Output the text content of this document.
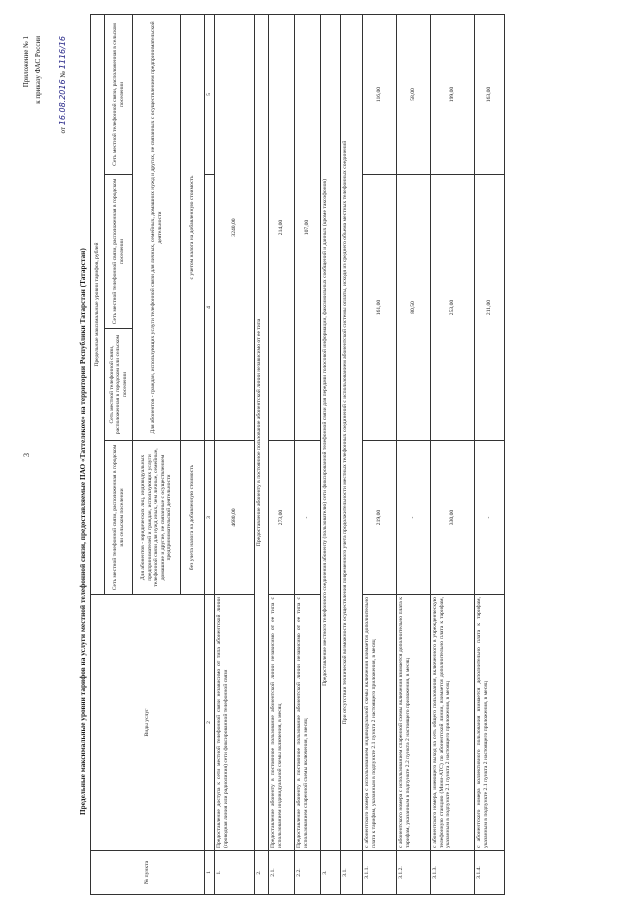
3
Приложение № 1 к приказу ФАС России
от 16.08.2016 № 1116/16
Предельные максимальные уровни тарифов на услуги местной телефонной связи, предоставляемые ПАО «Таттелеком» на территории Республики Татарстан (Татарстан)
№ пункта	Виды услуг	Предельные максимальные уровни тарифов, рублей			
		Сеть местной телефонной связи, расположенная в городском или сельском поселении	Сеть местной телефонной связи, расположенная в городском или сельском поселении	Сеть местной телефонной связи, расположенная в городском поселении	Сеть местной телефонной связи, расположенная в сельском поселении
		Для абонентов - юридических лиц, индивидуальных предпринимателей и граждан, использующих услуги телефонной связи для нужд иных, чем личные, семейные, домашние и другие, не связанные с осуществлением предпринимательской деятельности	Для абонентов - граждан, использующих услуги телефонной связи для личных, семейных, домашних нужд и других, не связанных с осуществлением предпринимательской деятельности		
		без учета налога на добавленную стоимость	с учетом налога на добавленную стоимость		
1	2	3	4		5
1.	Предоставление доступа к сети местной телефонной связи независимо от типа абонентской линии (проводная линия или радиолиния) сети фиксированной телефонной связи	4680,00	3240,00		
2.	Предоставление абоненту в постоянное пользование абонентской линии независимо от ее типа				
2.1.	Предоставление абоненту в постоянное пользование абонентской линии независимо от ее типа с использованием индивидуальной схемы включения, в месяц	273,00	214,00		
2.2.	Предоставление абоненту в постоянное пользование абонентской линии независимо от ее типа с использованием спаренной схемы включения, в месяц	-	107,00		
3.	Предоставление местного телефонного соединения абоненту (пользователю) сети фиксированной телефонной связи для передачи голосовой информации, факсимильных сообщений и данных (кроме таксофонов)				
3.1.	При отсутствии технической возможности осуществления повременного учета продолжительности местных телефонных соединений с использованием абонентской системы оплаты, исходя из среднего объема местных телефонных соединений				
3.1.1.	с абонентского номера с использованием индивидуальной схемы включения взимается дополнительно плата к тарифам, указанным в подпункте 2.1 пункта 2 настоящего приложения, в месяц	219,00	161,00		116,00
3.1.2.	с абонентского номера с использованием спаренной схемы включения взимается дополнительно плата к тарифам, указанным в подпункте 2.2 пункта 2 настоящего приложения, в месяц	-	80,50		58,00
3.1.3.	с абонентского номера, имеющего выход на сеть общего пользования, включенного в учрежденческую телефонную станцию (Мини-АТС) по абонентской линии, взимается дополнительно плата к тарифам, указанным в подпункте 2.1 пункта 2 настоящего приложения, в месяц	330,00	253,00		199,00
3.1.4.	с абонентского номера коллективного пользования взимается дополнительно плата к тарифам, указанным в подпункте 2.1 пункта 2 настоящего приложения, в месяц	-	211,00		163,00
